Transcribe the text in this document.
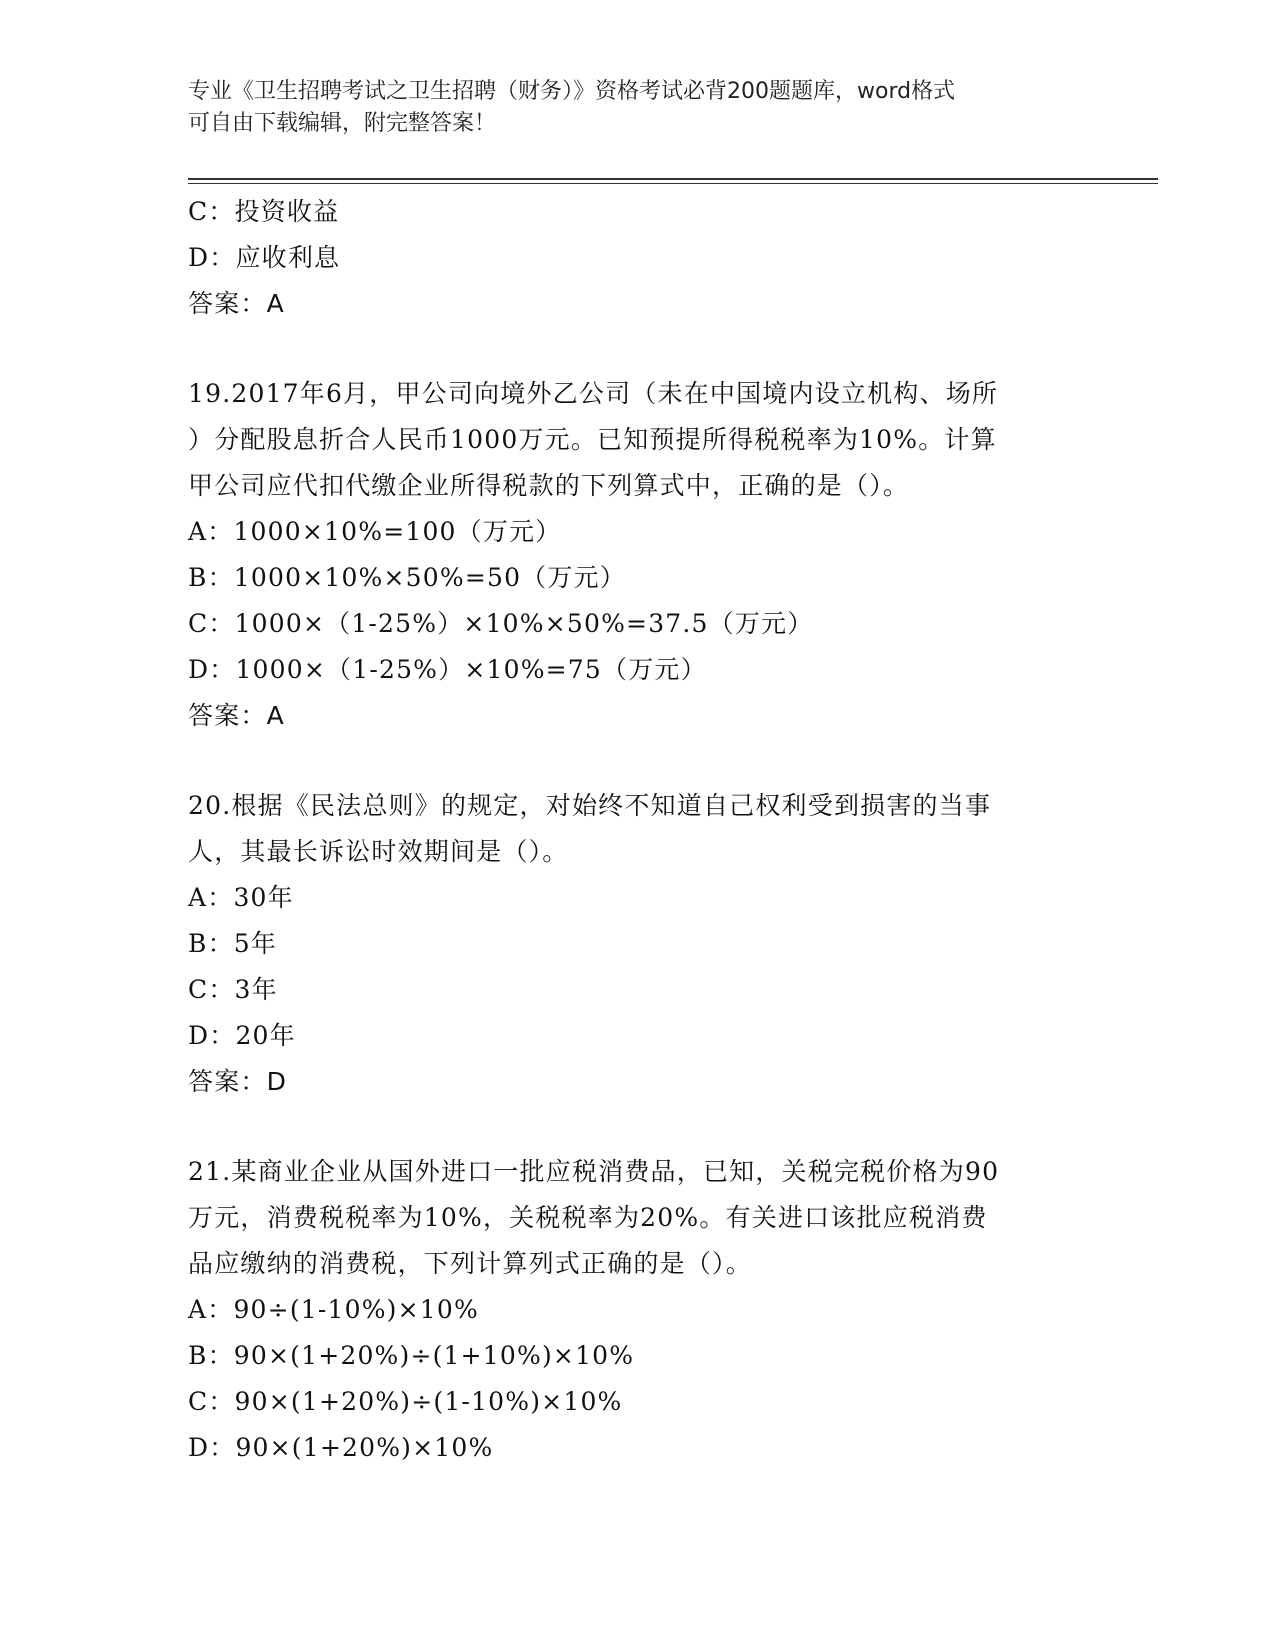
专业《卫生招聘考试之卫生招聘（财务）》资格考试必背200题题库，word格式
可自由下载编辑，附完整答案！
C：投资收益
D：应收利息
答案：A
19.2017年6月，甲公司向境外乙公司（未在中国境内设立机构、场所
）分配股息折合人民币1000万元。已知预提所得税税率为10%。计算
甲公司应代扣代缴企业所得税款的下列算式中，正确的是（）。
A：1000×10%=100（万元）
B：1000×10%×50%=50（万元）
C：1000×（1-25%）×10%×50%=37.5（万元）
D：1000×（1-25%）×10%=75（万元）
答案：A
20.根据《民法总则》的规定，对始终不知道自己权利受到损害的当事
人，其最长诉讼时效期间是（）。
A：30年
B：5年
C：3年
D：20年
答案：D
21.某商业企业从国外进口一批应税消费品，已知，关税完税价格为90
万元，消费税税率为10%，关税税率为20%。有关进口该批应税消费
品应缴纳的消费税，下列计算列式正确的是（）。
A：90÷(1-10%)×10%
B：90×(1+20%)÷(1+10%)×10%
C：90×(1+20%)÷(1-10%)×10%
D：90×(1+20%)×10%
